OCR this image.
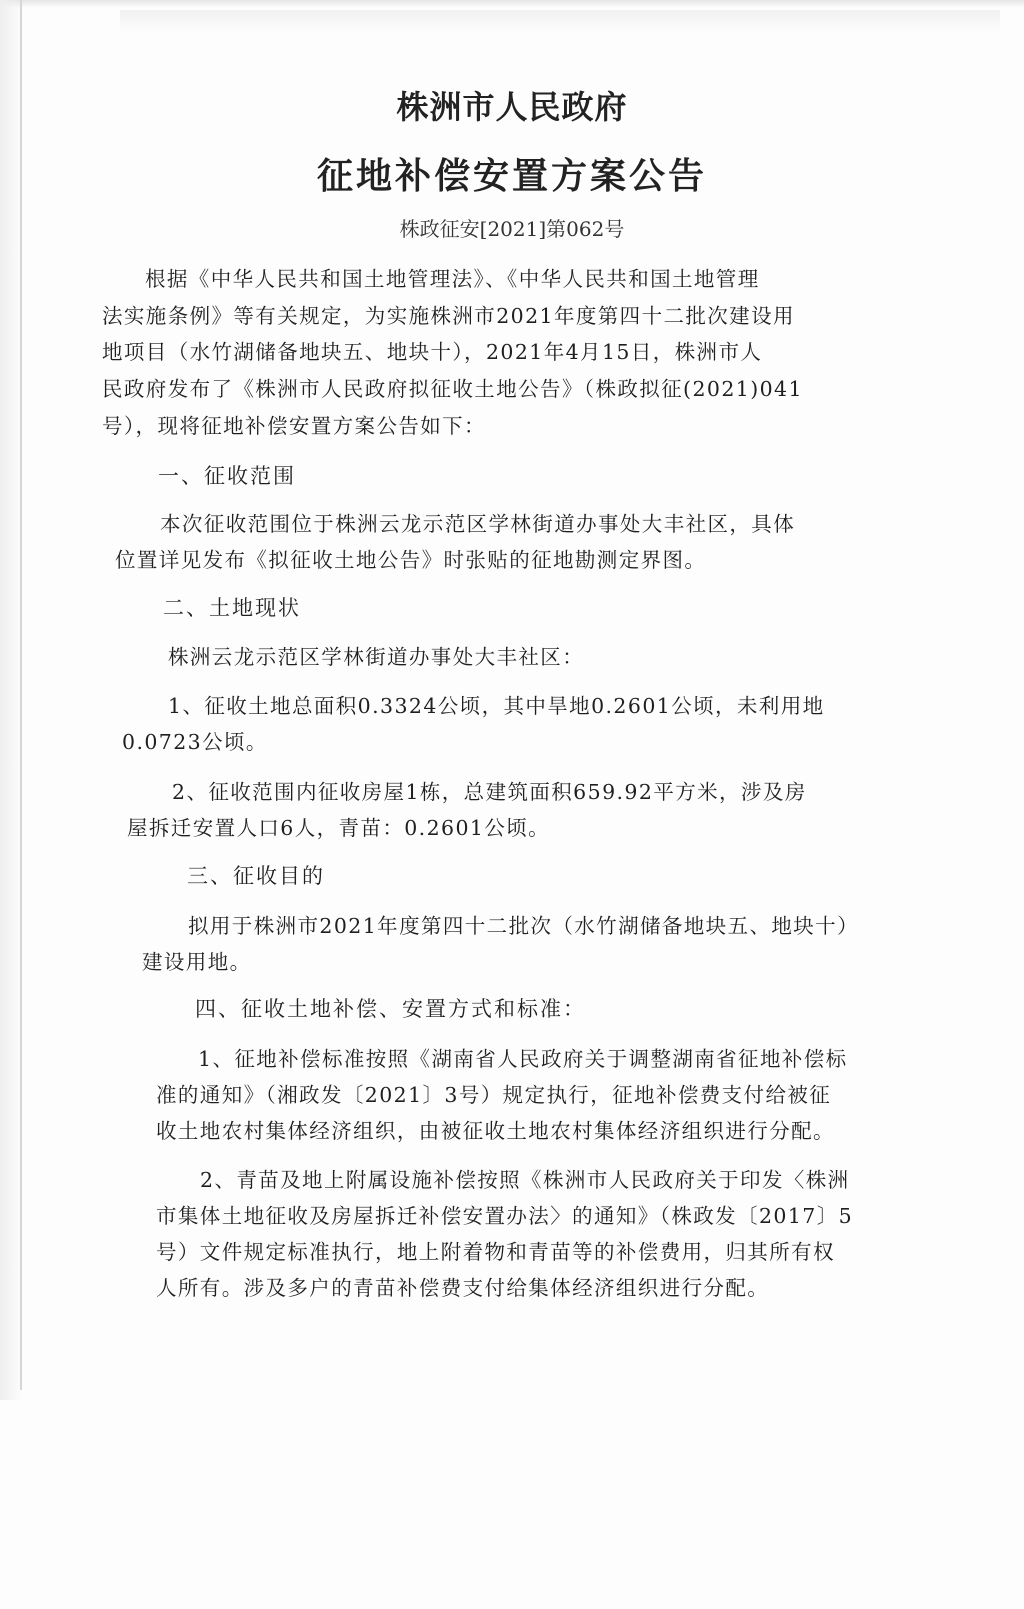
株洲市人民政府
征地补偿安置方案公告
株政征安[2021]第062号
根据《中华人民共和国土地管理法》、《中华人民共和国土地管理
法实施条例》等有关规定，为实施株洲市2021年度第四十二批次建设用
地项目（水竹湖储备地块五、地块十），2021年4月15日，株洲市人
民政府发布了《株洲市人民政府拟征收土地公告》（株政拟征(2021)041
号），现将征地补偿安置方案公告如下：
一、征收范围
本次征收范围位于株洲云龙示范区学林街道办事处大丰社区，具体
位置详见发布《拟征收土地公告》时张贴的征地勘测定界图。
二、土地现状
株洲云龙示范区学林街道办事处大丰社区：
1、征收土地总面积0.3324公顷，其中旱地0.2601公顷，未利用地
0.0723公顷。
2、征收范围内征收房屋1栋，总建筑面积659.92平方米，涉及房
屋拆迁安置人口6人，青苗：0.2601公顷。
三、征收目的
拟用于株洲市2021年度第四十二批次（水竹湖储备地块五、地块十）
建设用地。
四、征收土地补偿、安置方式和标准：
1、征地补偿标准按照《湖南省人民政府关于调整湖南省征地补偿标
准的通知》（湘政发〔2021〕3号）规定执行，征地补偿费支付给被征
收土地农村集体经济组织，由被征收土地农村集体经济组织进行分配。
2、青苗及地上附属设施补偿按照《株洲市人民政府关于印发〈株洲
市集体土地征收及房屋拆迁补偿安置办法〉的通知》（株政发〔2017〕5
号）文件规定标准执行，地上附着物和青苗等的补偿费用，归其所有权
人所有。涉及多户的青苗补偿费支付给集体经济组织进行分配。
